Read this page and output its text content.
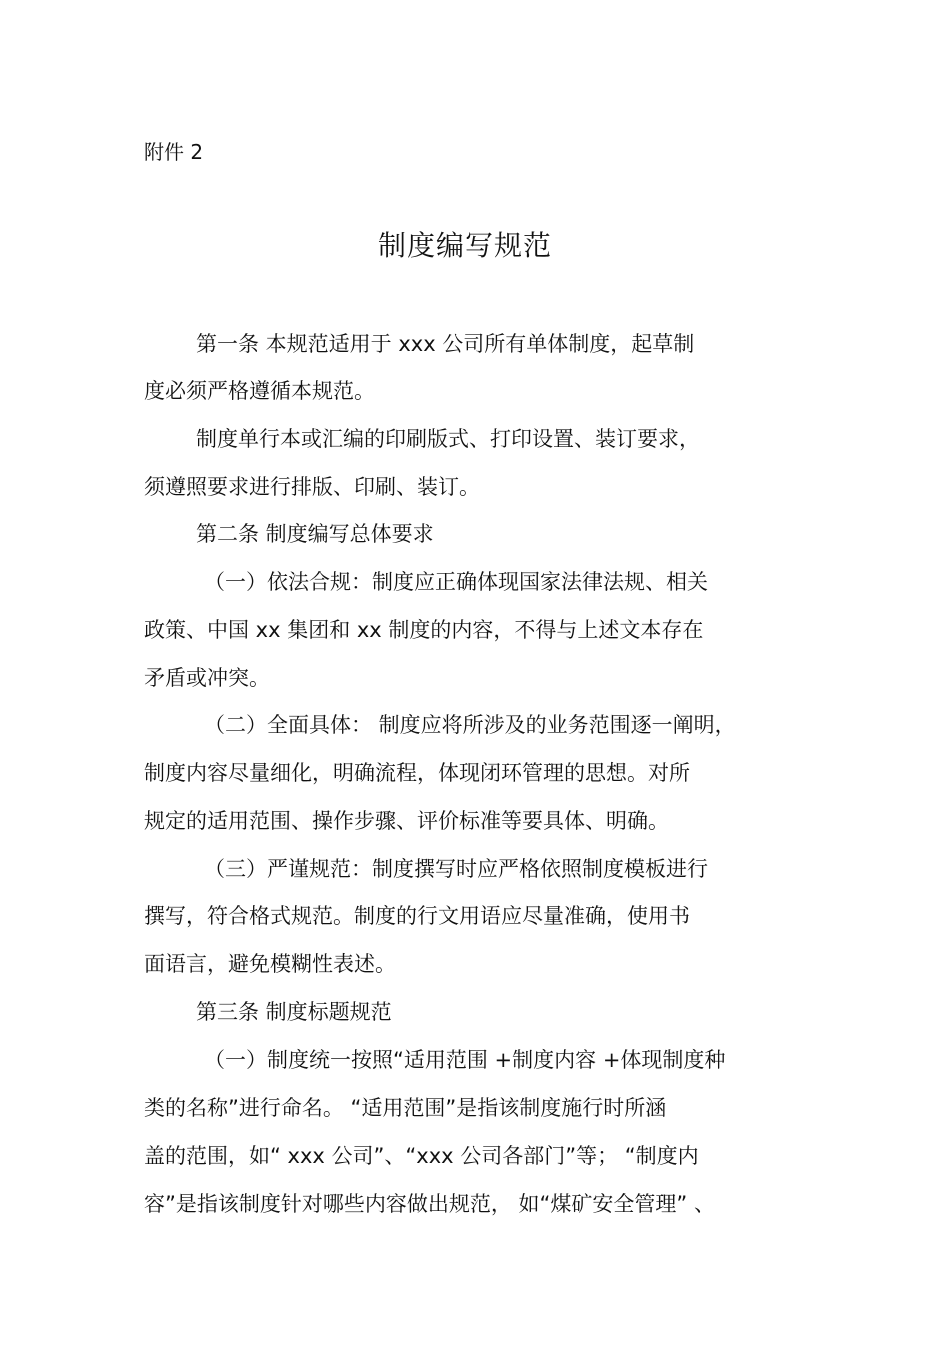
附件 2
制度编写规范
第一条 本规范适用于 xxx 公司所有单体制度，起草制
度必须严格遵循本规范。
制度单行本或汇编的印刷版式、打印设置、装订要求，
须遵照要求进行排版、印刷、装订。
第二条 制度编写总体要求
（一）依法合规：制度应正确体现国家法律法规、相关
政策、中国 xx 集团和 xx 制度的内容，不得与上述文本存在
矛盾或冲突。
（二）全面具体： 制度应将所涉及的业务范围逐一阐明，
制度内容尽量细化，明确流程，体现闭环管理的思想。对所
规定的适用范围、操作步骤、评价标准等要具体、明确。
（三）严谨规范：制度撰写时应严格依照制度模板进行
撰写，符合格式规范。制度的行文用语应尽量准确，使用书
面语言，避免模糊性表述。
第三条 制度标题规范
（一）制度统一按照“适用范围 +制度内容 +体现制度种
类的名称”进行命名。 “适用范围”是指该制度施行时所涵
盖的范围，如“ xxx 公司”、“xxx 公司各部门”等； “制度内
容”是指该制度针对哪些内容做出规范， 如“煤矿安全管理” 、
